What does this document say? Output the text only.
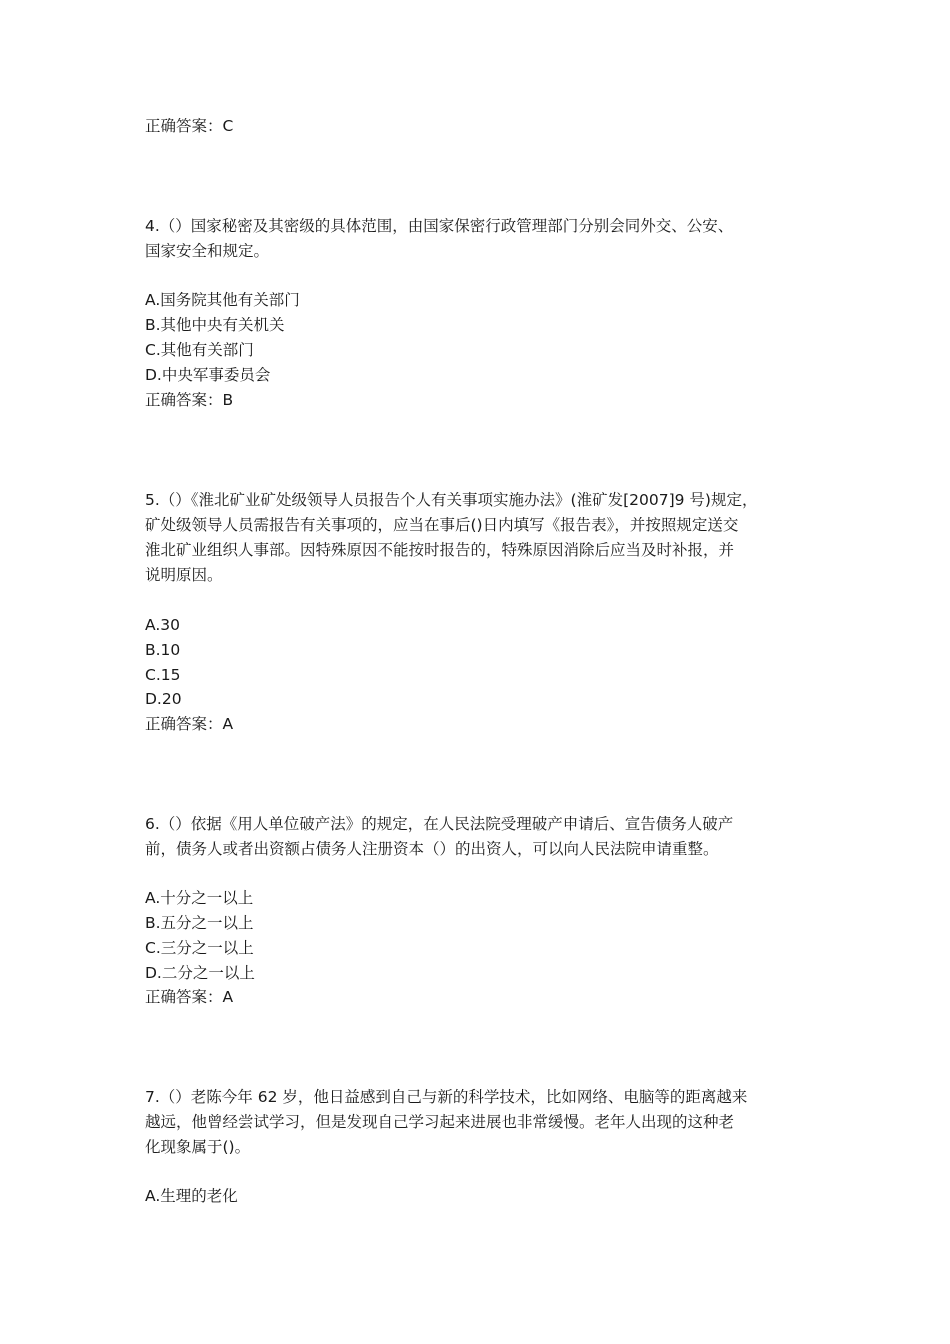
正确答案：C
4.（）国家秘密及其密级的具体范围，由国家保密行政管理部门分别会同外交、公安、
国家安全和规定。
A.国务院其他有关部门
B.其他中央有关机关
C.其他有关部门
D.中央军事委员会
正确答案：B
5.（）《淮北矿业矿处级领导人员报告个人有关事项实施办法》(淮矿发[2007]9 号)规定，
矿处级领导人员需报告有关事项的，应当在事后()日内填写《报告表》，并按照规定送交
淮北矿业组织人事部。因特殊原因不能按时报告的，特殊原因消除后应当及时补报，并
说明原因。
A.30
B.10
C.15
D.20
正确答案：A
6.（）依据《用人单位破产法》的规定，在人民法院受理破产申请后、宣告债务人破产
前，债务人或者出资额占债务人注册资本（）的出资人，可以向人民法院申请重整。
A.十分之一以上
B.五分之一以上
C.三分之一以上
D.二分之一以上
正确答案：A
7.（）老陈今年 62 岁，他日益感到自己与新的科学技术，比如网络、电脑等的距离越来
越远，他曾经尝试学习，但是发现自己学习起来进展也非常缓慢。老年人出现的这种老
化现象属于()。
A.生理的老化
